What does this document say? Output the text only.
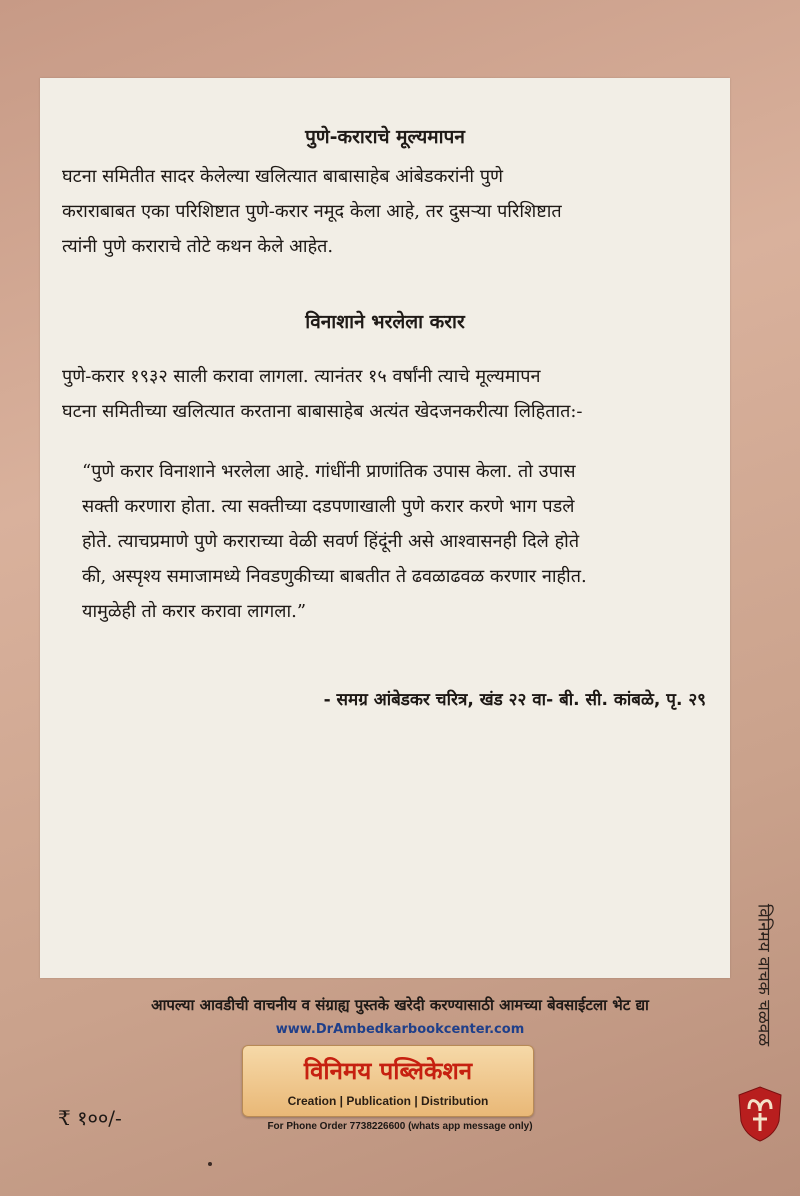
पुणे-कराराचे मूल्यमापन
घटना समितीत सादर केलेल्या खलित्यात बाबासाहेब आंबेडकरांनी पुणे
कराराबाबत एका परिशिष्टात पुणे-करार नमूद केला आहे, तर दुसऱ्या परिशिष्टात
त्यांनी पुणे कराराचे तोटे कथन केले आहेत.
विनाशाने भरलेला करार
पुणे-करार १९३२ साली करावा लागला. त्यानंतर १५ वर्षांनी त्याचे मूल्यमापन
घटना समितीच्या खलित्यात करताना बाबासाहेब अत्यंत खेदजनकरीत्या लिहितात:-
“पुणे करार विनाशाने भरलेला आहे. गांधींनी प्राणांतिक उपास केला. तो उपास
सक्ती करणारा होता. त्या सक्तीच्या दडपणाखाली पुणे करार करणे भाग पडले
होते. त्याचप्रमाणे पुणे कराराच्या वेळी सवर्ण हिंदूंनी असे आश्वासनही दिले होते
की, अस्पृश्य समाजामध्ये निवडणुकीच्या बाबतीत ते ढवळाढवळ करणार नाहीत.
यामुळेही तो करार करावा लागला.”
- समग्र आंबेडकर चरित्र, खंड २२ वा- बी. सी. कांबळे, पृ. २९
आपल्या आवडीची वाचनीय व संग्राह्य पुस्तके खरेदी करण्यासाठी आमच्या बेवसाईटला भेट द्या
www.DrAmbedkarbookcenter.com
विनिमय पब्लिकेशन
Creation | Publication | Distribution
₹ १००/-	For Phone Order 7738226600 (whats app message only)
विनिमय वाचक चळवळ
